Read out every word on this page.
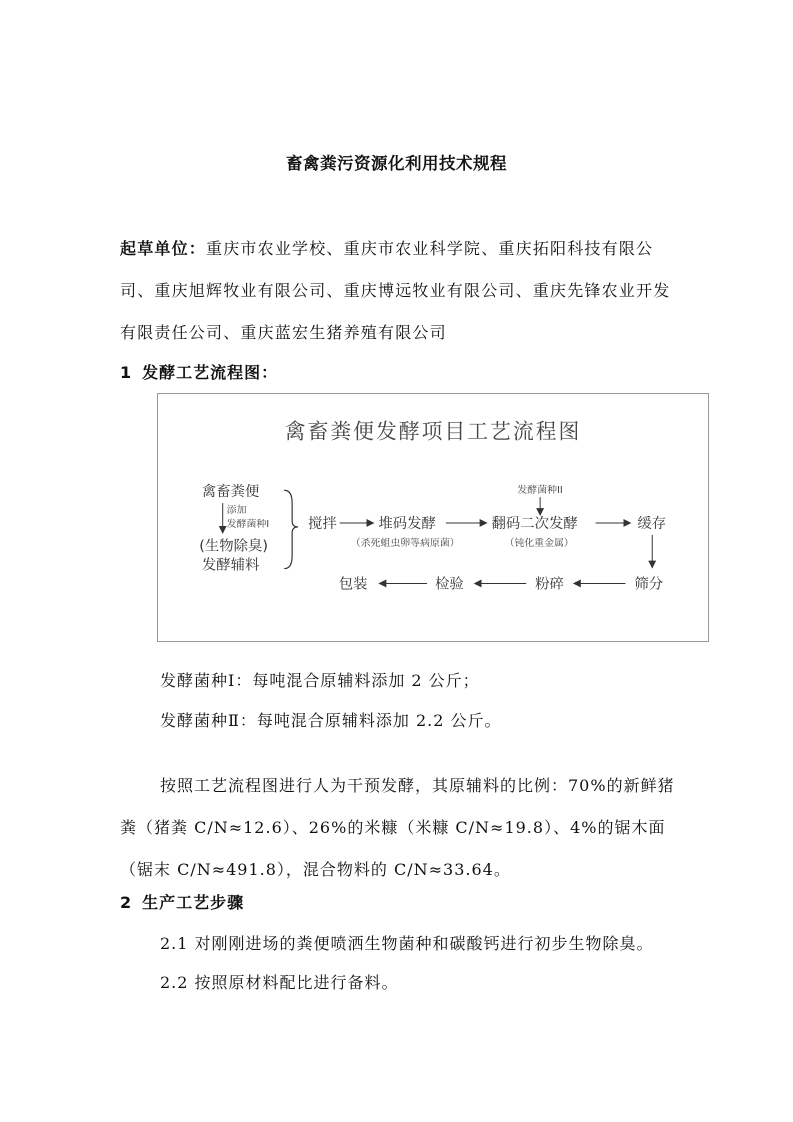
畜禽粪污资源化利用技术规程

起草单位：重庆市农业学校、重庆市农业科学院、重庆拓阳科技有限公司、重庆旭辉牧业有限公司、重庆博远牧业有限公司、重庆先锋农业开发有限责任公司、重庆蓝宏生猪养殖有限公司

1 发酵工艺流程图：

禽畜粪便发酵项目工艺流程图
禽畜粪便
添加
发酵菌种I
(生物除臭)
发酵辅料
搅拌	堆码发酵
（杀死蛆虫卵等病原菌）
发酵菌种II
翻码二次发酵
（钝化重金属）
缓存
筛分
粉碎
检验
包装

发酵菌种Ⅰ：每吨混合原辅料添加 2 公斤；

发酵菌种Ⅱ：每吨混合原辅料添加 2.2 公斤。

按照工艺流程图进行人为干预发酵，其原辅料的比例：70%的新鲜猪粪（猪粪 C/N≈12.6）、26%的米糠（米糠 C/N≈19.8）、4%的锯木面（锯末 C/N≈491.8），混合物料的 C/N≈33.64。

2 生产工艺步骤

2.1 对刚刚进场的粪便喷洒生物菌种和碳酸钙进行初步生物除臭。

2.2 按照原材料配比进行备料。
